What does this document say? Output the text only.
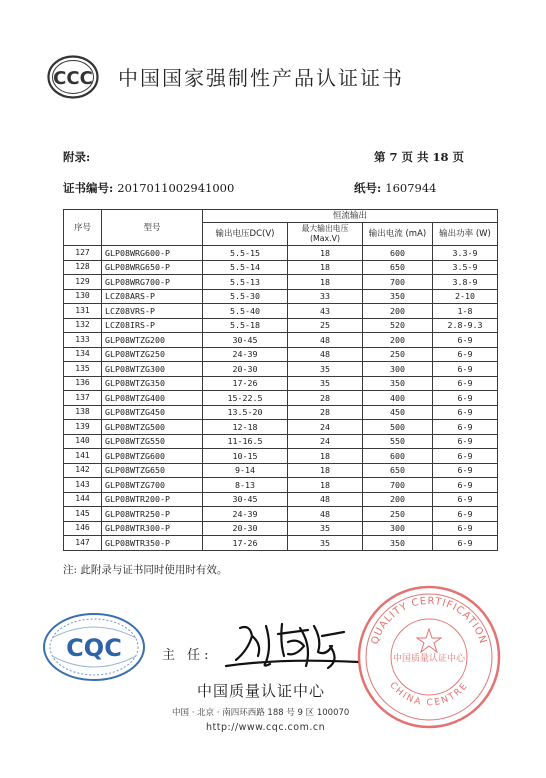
CCC 中国国家强制性产品认证证书
附录:	第 7 页 共 18 页
证书编号: 2017011002941000	纸号: 1607944
序号	型号	恒流输出			
		输出电压DC(V)	最大输出电压 (Max.V)	输出电流 (mA)	输出功率 (W)
127	GLP08WRG600-P	5.5-15	18	600	3.3-9
128	GLP08WRG650-P	5.5-14	18	650	3.5-9
129	GLP08WRG700-P	5.5-13	18	700	3.8-9
130	LCZ08ARS-P	5.5-30	33	350	2-10
131	LCZ08VRS-P	5.5-40	43	200	1-8
132	LCZ08IRS-P	5.5-18	25	520	2.8-9.3
133	GLP08WTZG200	30-45	48	200	6-9
134	GLP08WTZG250	24-39	48	250	6-9
135	GLP08WTZG300	20-30	35	300	6-9
136	GLP08WTZG350	17-26	35	350	6-9
137	GLP08WTZG400	15-22.5	28	400	6-9
138	GLP08WTZG450	13.5-20	28	450	6-9
139	GLP08WTZG500	12-18	24	500	6-9
140	GLP08WTZG550	11-16.5	24	550	6-9
141	GLP08WTZG600	10-15	18	600	6-9
142	GLP08WTZG650	9-14	18	650	6-9
143	GLP08WTZG700	8-13	18	700	6-9
144	GLP08WTR200-P	30-45	48	200	6-9
145	GLP08WTR250-P	24-39	48	250	6-9
146	GLP08WTR300-P	20-30	35	300	6-9
147	GLP08WTR350-P	17-26	35	350	6-9
注: 此附录与证书同时使用时有效。
CQC	主 任:
中国质量认证中心
中国 · 北京 · 南四环西路 188 号 9 区 100070
http://www.cqc.com.cn
QUALITY CERTIFICATION
CHINA CENTRE
中国质量认证中心
